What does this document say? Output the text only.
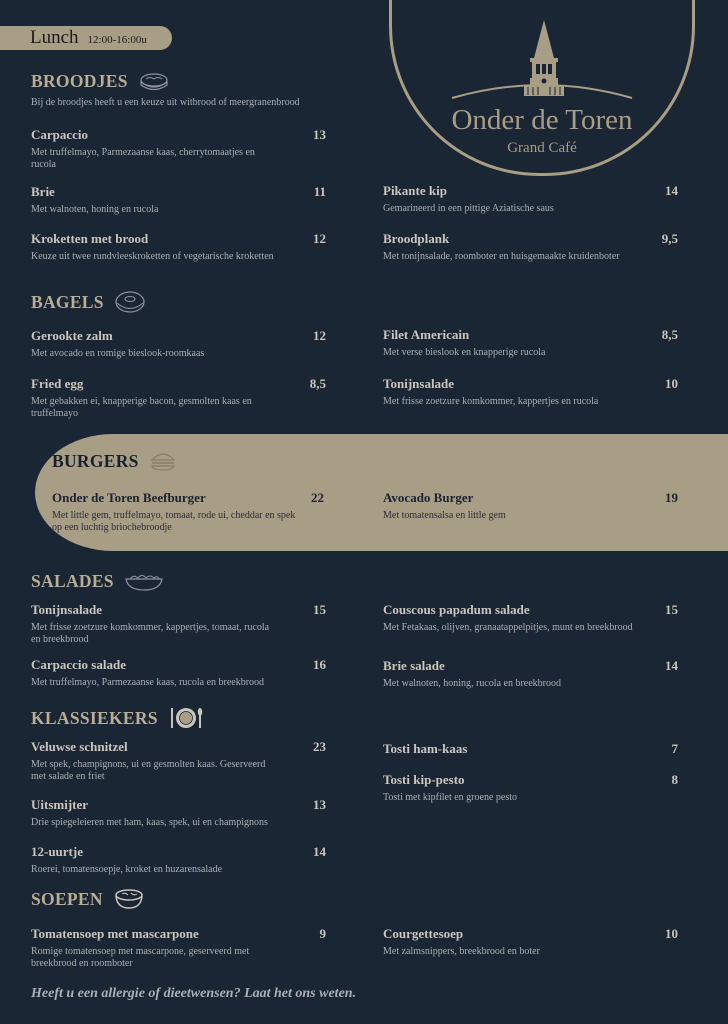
Lunch 12:00-16:00u
Onder de Toren
Grand Café
BROODJES
Bij de broodjes heeft u een keuze uit witbrood of meergranenbrood
Carpaccio	13
Met truffelmayo, Parmezaanse kaas, cherrytomaatjes en rucola
Brie	11
Met walnoten, honing en rucola
Kroketten met brood	12
Keuze uit twee rundvleeskroketten of vegetarische kroketten
Pikante kip	14
Gemarineerd in een pittige Aziatische saus
Broodplank	9,5
Met tonijnsalade, roomboter en huisgemaakte kruidenboter
BAGELS
Gerookte zalm	12
Met avocado en romige bieslook-roomkaas
Fried egg	8,5
Met gebakken ei, knapperige bacon, gesmolten kaas en truffelmayo
Filet Americain	8,5
Met verse bieslook en knapperige rucola
Tonijnsalade	10
Met frisse zoetzure komkommer, kappertjes en rucola
BURGERS
Onder de Toren Beefburger	22
Met little gem, truffelmayo, tomaat, rode ui, cheddar en spek op een luchtig briochebroodje
Avocado Burger	19
Met tomatensalsa en little gem
SALADES
Tonijnsalade	15
Met frisse zoetzure komkommer, kappertjes, tomaat, rucola en breekbrood
Carpaccio salade	16
Met truffelmayo, Parmezaanse kaas, rucola en breekbrood
Couscous papadum salade	15
Met Fetakaas, olijven, granaatappelpitjes, munt en breekbrood
Brie salade	14
Met walnoten, honing, rucola en breekbrood
KLASSIEKERS
Veluwse schnitzel	23
Met spek, champignons, ui en gesmolten kaas. Geserveerd met salade en friet
Uitsmijter	13
Drie spiegeleieren met ham, kaas, spek, ui en champignons
12-uurtje	14
Roerei, tomatensoepje, kroket en huzarensalade
Tosti ham-kaas	7
Tosti kip-pesto	8
Tosti met kipfilet en groene pesto
SOEPEN
Tomatensoep met mascarpone	9
Romige tomatensoep met mascarpone, geserveerd met breekbrood en roomboter
Courgettesoep	10
Met zalmsnippers, breekbrood en boter
Heeft u een allergie of dieetwensen? Laat het ons weten.
